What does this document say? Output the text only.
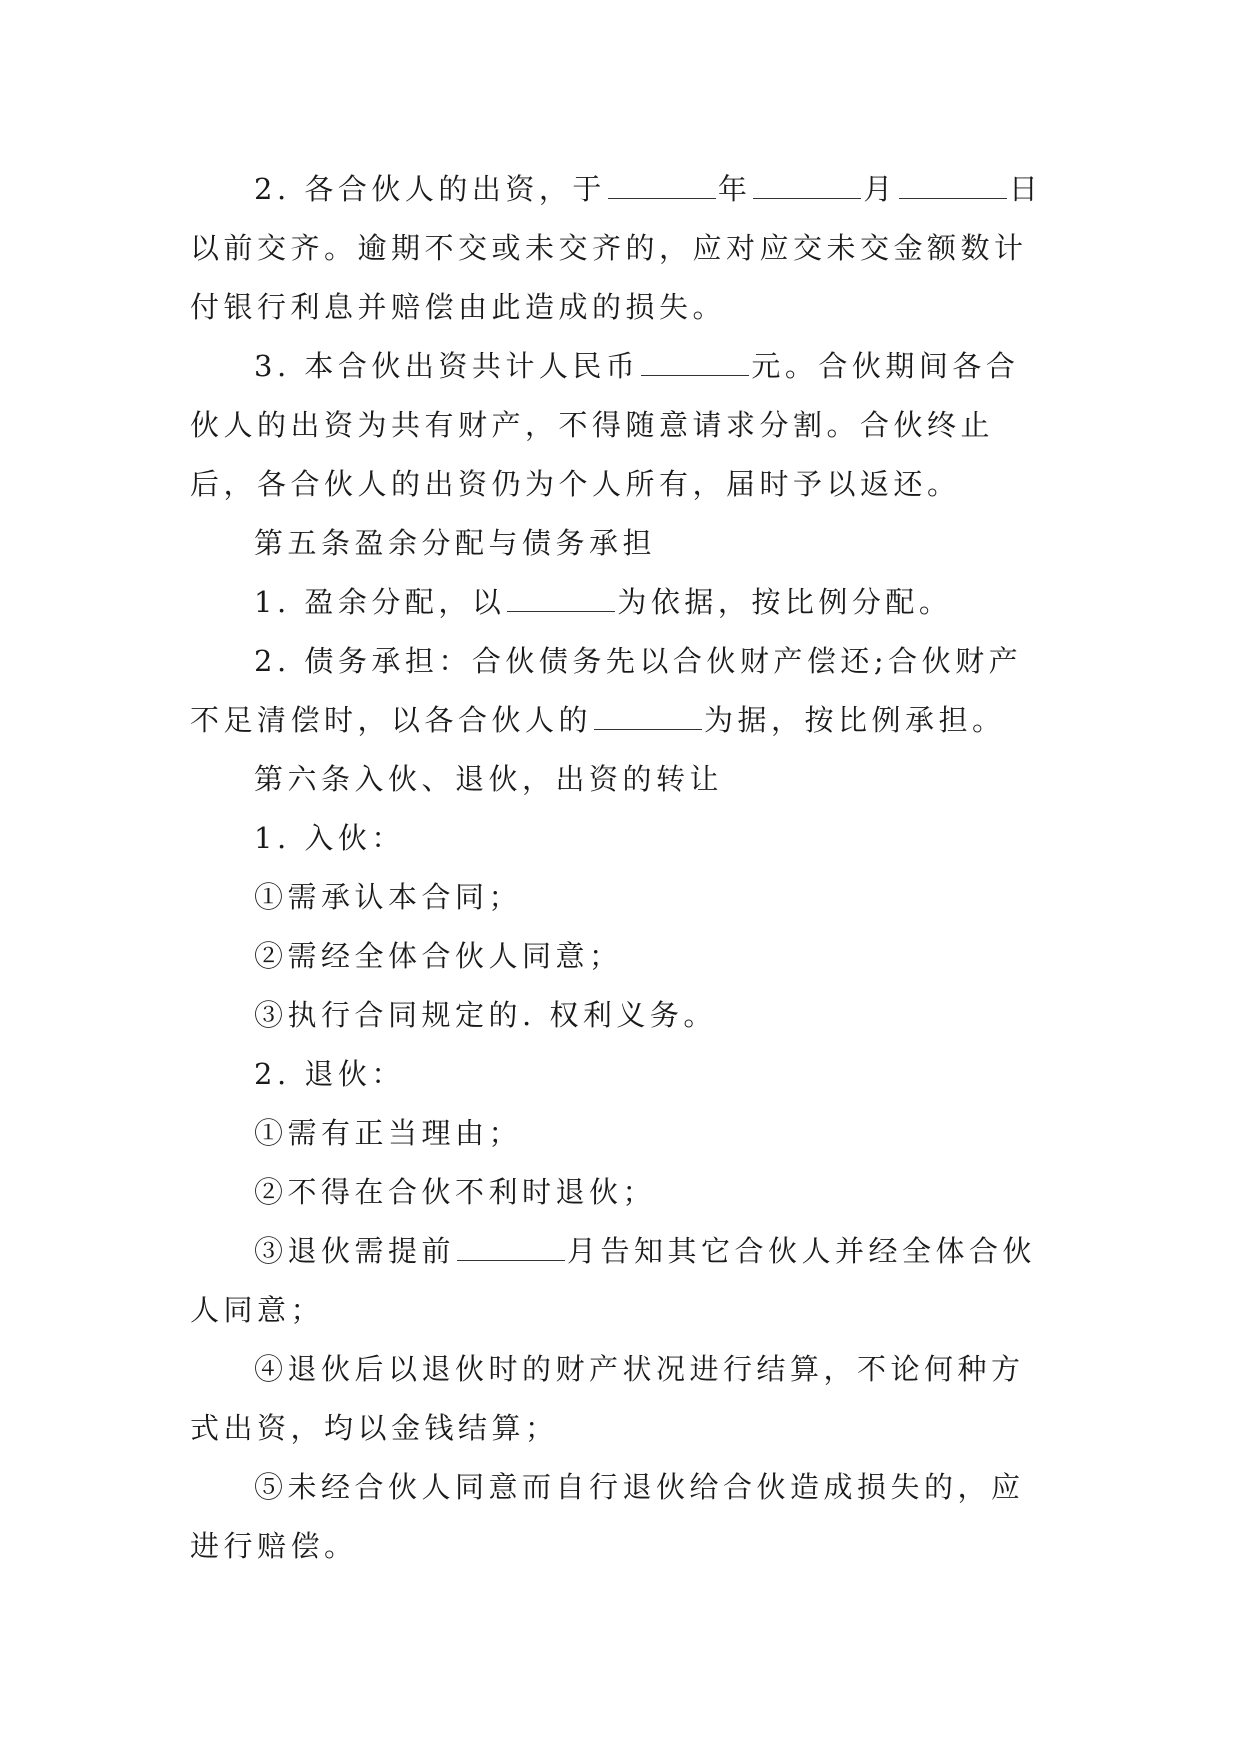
2. 各合伙人的出资，于	年	月	日以前交齐。逾期不交或未交齐的，应对应交未交金额数计付银行利息并赔偿由此造成的损失。

3. 本合伙出资共计人民币	元。合伙期间各合伙人的出资为共有财产，不得随意请求分割。合伙终止后，各合伙人的出资仍为个人所有，届时予以返还。

第五条盈余分配与债务承担

1. 盈余分配，以	为依据，按比例分配。

2. 债务承担：合伙债务先以合伙财产偿还;合伙财产不足清偿时，以各合伙人的	为据，按比例承担。

第六条入伙、退伙，出资的转让

1. 入伙：

①需承认本合同；

②需经全体合伙人同意；

③执行合同规定的. 权利义务。

2. 退伙：

①需有正当理由；

②不得在合伙不利时退伙；

③退伙需提前	月告知其它合伙人并经全体合伙人同意；

④退伙后以退伙时的财产状况进行结算，不论何种方式出资，均以金钱结算；

⑤未经合伙人同意而自行退伙给合伙造成损失的，应进行赔偿。
